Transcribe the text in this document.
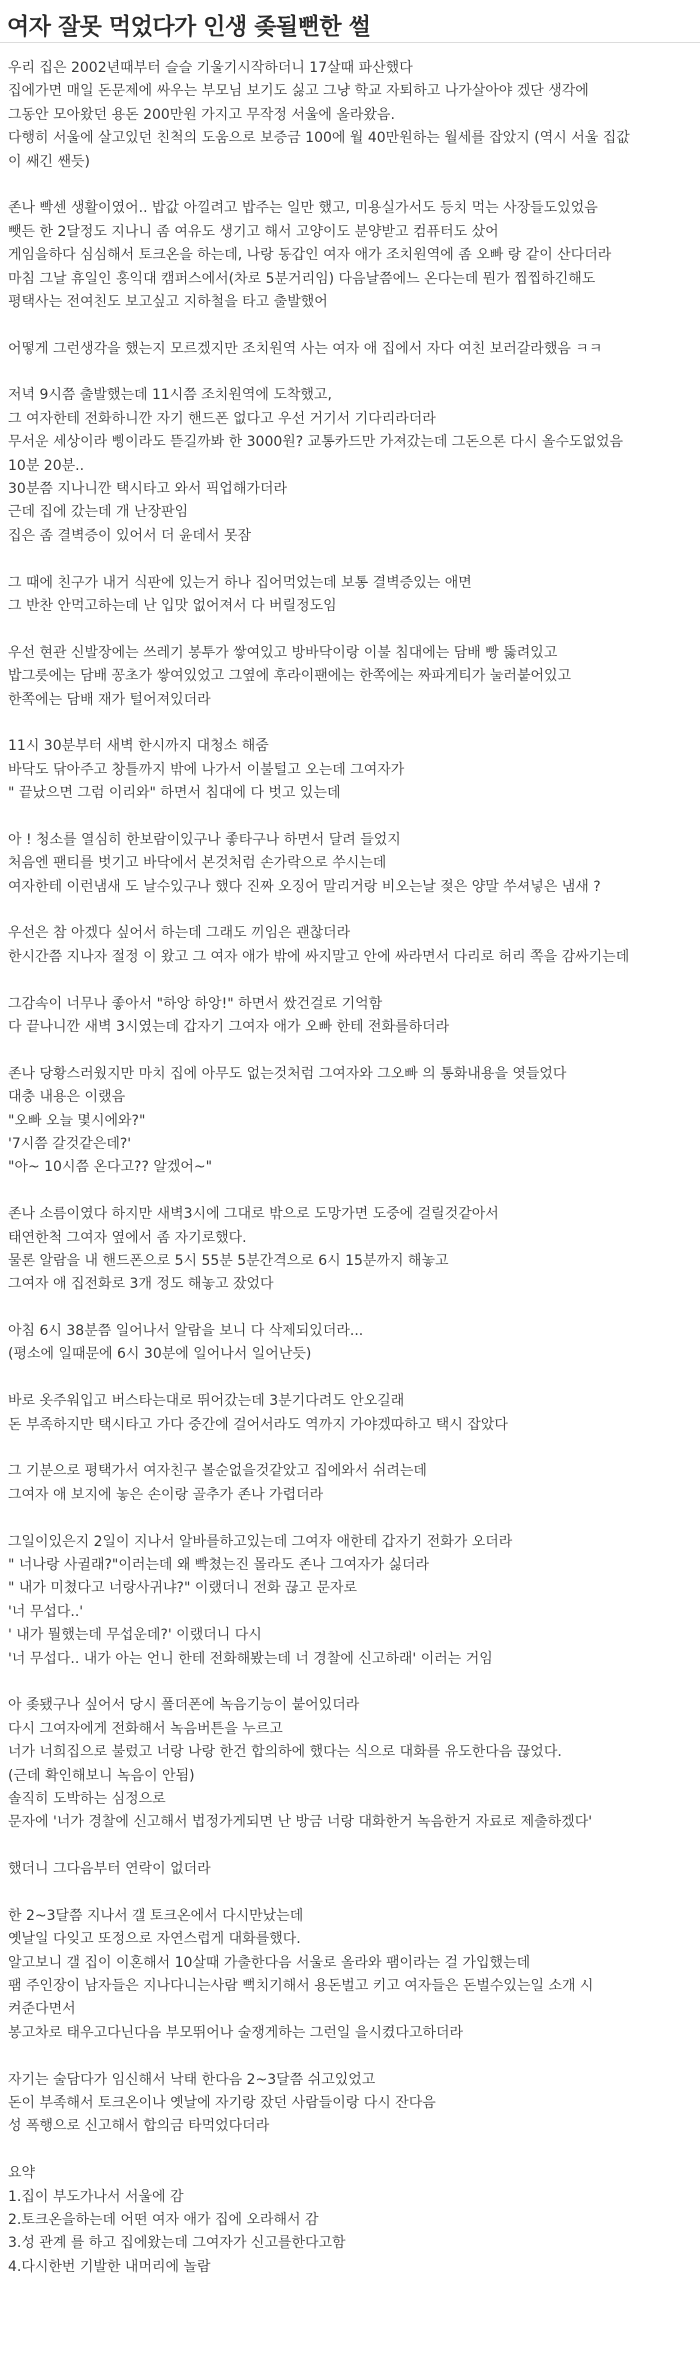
여자 잘못 먹었다가 인생 좆될뻔한 썰
우리 집은 2002년때부터 슬슬 기울기시작하더니 17살때 파산했다
집에가면 매일 돈문제에 싸우는 부모님 보기도 싫고 그냥 학교 자퇴하고 나가살아야 겠단 생각에
그동안 모아왔던 용돈 200만원 가지고 무작정 서울에 올라왔음.
다행히 서울에 살고있던 친척의 도움으로 보증금 100에 월 40만원하는 월세를 잡았지 (역시 서울 집값
이 쌔긴 쌘듯)
존나 빡센 생활이였어.. 밥값 아낄려고 밥주는 일만 했고, 미용실가서도 등치 먹는 사장들도있었음
뺏든 한 2달정도 지나니 좀 여유도 생기고 해서 고양이도 분양받고 컴퓨터도 샀어
게임을하다 심심해서 토크온을 하는데, 나랑 동갑인 여자 애가 조치원역에 좀 오빠 랑 같이 산다더라
마침 그날 휴일인 홍익대 캠퍼스에서(차로 5분거리임) 다음날쯤에느 온다는데 뭔가 찝찝하긴해도
평택사는 전여친도 보고싶고 지하철을 타고 출발했어
어떻게 그런생각을 했는지 모르겠지만 조치원역 사는 여자 애 집에서 자다 여친 보러갈라했음 ㅋㅋ
저녁 9시쯤 출발했는데 11시쯤 조치원역에 도착했고,
그 여자한테 전화하니깐 자기 핸드폰 없다고 우선 거기서 기다리라더라
무서운 세상이라 삥이라도 뜯길까봐 한 3000원? 교통카드만 가져갔는데 그돈으론 다시 올수도없었음
10분 20분..
30분쯤 지나니깐 택시타고 와서 픽업해가더라
근데 집에 갔는데 개 난장판임
집은 좀 결벽증이 있어서 더 윤데서 못잠
그 때에 친구가 내거 식판에 있는거 하나 집어먹었는데 보통 결벽증있는 애면
그 반찬 안먹고하는데 난 입맛 없어져서 다 버릴정도임
우선 현관 신발장에는 쓰레기 봉투가 쌓여있고 방바닥이랑 이불 침대에는 담배 빵 뚫려있고
밥그릇에는 담배 꽁초가 쌓여있었고 그옆에 후라이팬에는 한쪽에는 짜파게티가 눌러붙어있고
한쪽에는 담배 재가 털어져있더라
11시 30분부터 새벽 한시까지 대청소 해줌
바닥도 닦아주고 창틀까지 밖에 나가서 이불털고 오는데 그여자가
" 끝났으면 그럼 이리와" 하면서 침대에 다 벗고 있는데
아 ! 청소를 열심히 한보람이있구나 좋타구나 하면서 달려 들었지
처음엔 팬티를 벗기고 바닥에서 본것처럼 손가락으로 쑤시는데
여자한테 이런냄새 도 날수있구나 했다 진짜 오징어 말리거랑 비오는날 젖은 양말 쑤셔넣은 냄새 ?
우선은 참 아겠다 싶어서 하는데 그래도 끼임은 괜찮더라
한시간쯤 지나자 절정 이 왔고 그 여자 애가 밖에 싸지말고 안에 싸라면서 다리로 허리 쪽을 감싸기는데
그감속이 너무나 좋아서 "하앙 하앙!" 하면서 쌌건걸로 기억함
다 끝나니깐 새벽 3시였는데 갑자기 그여자 애가 오빠 한테 전화를하더라
존나 당황스러웠지만 마치 집에 아무도 없는것처럼 그여자와 그오빠 의 통화내용을 엿들었다
대충 내용은 이랬음
"오빠 오늘 몇시에와?"
'7시쯤 갈것같은데?'
"아~ 10시쯤 온다고?? 알겠어~"
존나 소름이였다 하지만 새벽3시에 그대로 밖으로 도망가면 도중에 걸릴것같아서
태연한척 그여자 옆에서 좀 자기로했다.
물론 알람을 내 핸드폰으로 5시 55분 5분간격으로 6시 15분까지 해놓고
그여자 애 집전화로 3개 정도 해놓고 잤었다
아침 6시 38분쯤 일어나서 알람을 보니 다 삭제되있더라...
(평소에 일때문에 6시 30분에 일어나서 일어난듯)
바로 옷주워입고 버스타는대로 뛰어갔는데 3분기다려도 안오길래
돈 부족하지만 택시타고 가다 중간에 걸어서라도 역까지 가야겠따하고 택시 잡았다
그 기분으로 평택가서 여자친구 볼순없을것같았고 집에와서 쉬려는데
그여자 애 보지에 놓은 손이랑 골추가 존나 가렵더라
그일이있은지 2일이 지나서 알바를하고있는데 그여자 애한테 갑자기 전화가 오더라
" 너나랑 사귈래?"이러는데 왜 빡쳤는진 몰라도 존나 그여자가 싫더라
" 내가 미쳤다고 너랑사귀냐?" 이랬더니 전화 끊고 문자로
'너 무섭다..'
' 내가 뭘했는데 무섭운데?' 이랬더니 다시
'너 무섭다.. 내가 아는 언니 한테 전화해봤는데 너 경찰에 신고하래' 이러는 거임
아 좆됐구나 싶어서 당시 폴더폰에 녹음기능이 붙어있더라
다시 그여자에게 전화해서 녹음버튼을 누르고
너가 너희집으로 불렀고 너랑 나랑 한건 합의하에 했다는 식으로 대화를 유도한다음 끊었다.
(근데 확인해보니 녹음이 안됨)
솔직히 도박하는 심정으로
문자에 '너가 경찰에 신고해서 법정가게되면 난 방금 너랑 대화한거 녹음한거 자료로 제출하겠다'
했더니 그다음부터 연락이 없더라
한 2~3달쯤 지나서 갤 토크온에서 다시만났는데
옛날일 다잊고 또정으로 자연스럽게 대화를했다.
알고보니 갤 집이 이혼해서 10살때 가출한다음 서울로 올라와 팸이라는 걸 가입했는데
팸 주인장이 남자들은 지나다니는사람 뻑치기해서 용돈벌고 키고 여자들은 돈벌수있는일 소개 시
켜준다면서
봉고차로 태우고다닌다음 부모뛰어나 술쟁게하는 그런일 을시켰다고하더라
자기는 술담다가 임신해서 낙태 한다음 2~3달쯤 쉬고있었고
돈이 부족해서 토크온이나 옛날에 자기랑 잤던 사람들이랑 다시 잔다음
성 폭행으로 신고해서 합의금 타먹었다더라
요약
1.집이 부도가나서 서울에 감
2.토크온을하는데 어떤 여자 애가 집에 오라해서 감
3.성 관계 를 하고 집에왔는데 그여자가 신고를한다고함
4.다시한번 기발한 내머리에 놀람
